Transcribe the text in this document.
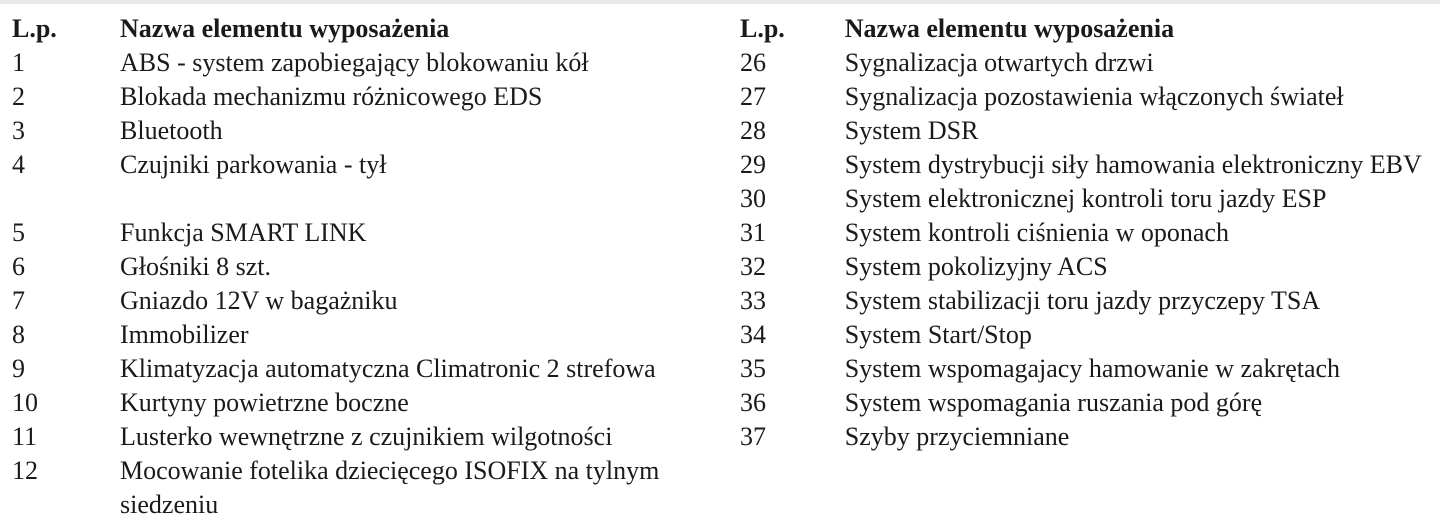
L.p.	Nazwa elementu wyposażenia
1	ABS - system zapobiegający blokowaniu kół
2	Blokada mechanizmu różnicowego EDS
3	Bluetooth
4	Czujniki parkowania - tył

5	Funkcja SMART LINK
6	Głośniki 8 szt.
7	Gniazdo 12V w bagażniku
8	Immobilizer
9	Klimatyzacja automatyczna Climatronic 2 strefowa
10	Kurtyny powietrzne boczne
11	Lusterko wewnętrzne z czujnikiem wilgotności
12	Mocowanie fotelika dziecięcego ISOFIX na tylnym siedzeniu
L.p.	Nazwa elementu wyposażenia
26	Sygnalizacja otwartych drzwi
27	Sygnalizacja pozostawienia włączonych świateł
28	System DSR
29	System dystrybucji siły hamowania elektroniczny EBV
30	System elektronicznej kontroli toru jazdy ESP
31	System kontroli ciśnienia w oponach
32	System pokolizyjny ACS
33	System stabilizacji toru jazdy przyczepy TSA
34	System Start/Stop
35	System wspomagajacy hamowanie w zakrętach
36	System wspomagania ruszania pod górę
37	Szyby przyciemniane
